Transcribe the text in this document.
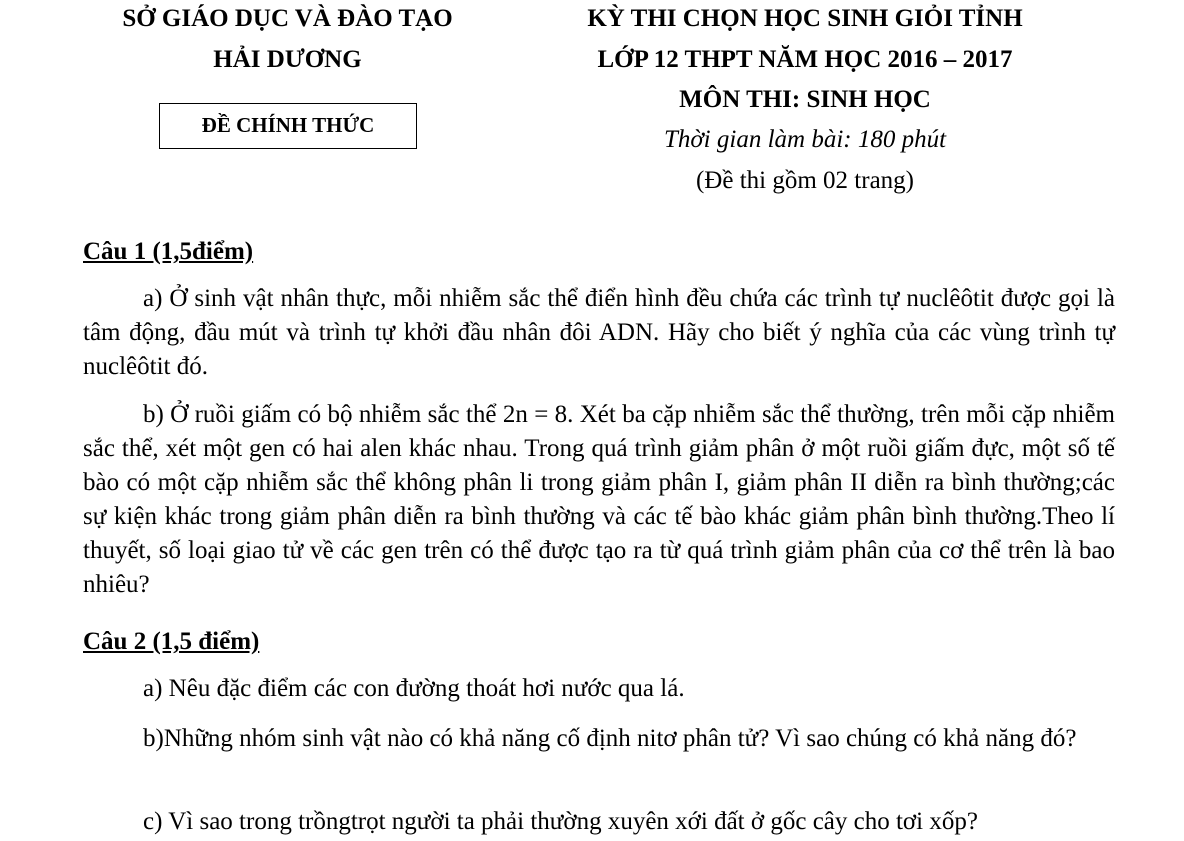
SỞ GIÁO DỤC VÀ ĐÀO TẠO
HẢI DƯƠNG
ĐỀ CHÍNH THỨC
KỲ THI CHỌN HỌC SINH GIỎI TỈNH
LỚP 12 THPT NĂM HỌC 2016 – 2017
MÔN THI: SINH HỌC
Thời gian làm bài: 180 phút
(Đề thi gồm 02 trang)
Câu 1 (1,5điểm)

a) Ở sinh vật nhân thực, mỗi nhiễm sắc thể điển hình đều chứa các trình tự nuclêôtit được gọi là tâm động, đầu mút và trình tự khởi đầu nhân đôi ADN. Hãy cho biết ý nghĩa của các vùng trình tự nuclêôtit đó.

b) Ở ruồi giấm có bộ nhiễm sắc thể 2n = 8. Xét ba cặp nhiễm sắc thể thường, trên mỗi cặp nhiễm sắc thể, xét một gen có hai alen khác nhau. Trong quá trình giảm phân ở một ruồi giấm đực, một số tế bào có một cặp nhiễm sắc thể không phân li trong giảm phân I, giảm phân II diễn ra bình thường;các sự kiện khác trong giảm phân diễn ra bình thường và các tế bào khác giảm phân bình thường.Theo lí thuyết, số loại giao tử về các gen trên có thể được tạo ra từ quá trình giảm phân của cơ thể trên là bao nhiêu?

Câu 2 (1,5 điểm)

a) Nêu đặc điểm các con đường thoát hơi nước qua lá.

b)Những nhóm sinh vật nào có khả năng cố định nitơ phân tử? Vì sao chúng có khả năng đó?

c) Vì sao trong trồngtrọt người ta phải thường xuyên xới đất ở gốc cây cho tơi xốp?
